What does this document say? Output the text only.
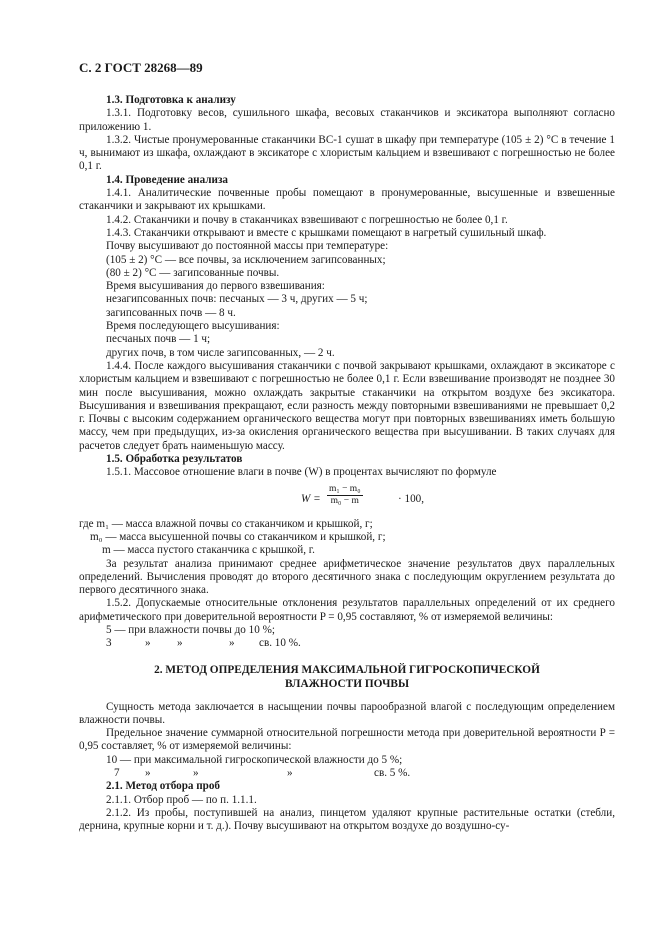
С. 2 ГОСТ 28268—89

1.3. Подготовка к анализу

1.3.1. Подготовку весов, сушильного шкафа, весовых стаканчиков и эксикатора выполняют согласно приложению 1.

1.3.2. Чистые пронумерованные стаканчики ВС-1 сушат в шкафу при температуре (105 ± 2) °С в течение 1 ч, вынимают из шкафа, охлаждают в эксикаторе с хлористым кальцием и взвешивают с погрешностью не более 0,1 г.

1.4. Проведение анализа

1.4.1. Аналитические почвенные пробы помещают в пронумерованные, высушенные и взвешенные стаканчики и закрывают их крышками.

1.4.2. Стаканчики и почву в стаканчиках взвешивают с погрешностью не более 0,1 г.

1.4.3. Стаканчики открывают и вместе с крышками помещают в нагретый сушильный шкаф.

Почву высушивают до постоянной массы при температуре:

(105 ± 2) °С — все почвы, за исключением загипсованных;

(80 ± 2) °С — загипсованные почвы.

Время высушивания до первого взвешивания:

незагипсованных почв: песчаных — 3 ч, других — 5 ч;

загипсованных почв — 8 ч.

Время последующего высушивания:

песчаных почв — 1 ч;

других почв, в том числе загипсованных, — 2 ч.

1.4.4. После каждого высушивания стаканчики с почвой закрывают крышками, охлаждают в эксикаторе с хлористым кальцием и взвешивают с погрешностью не более 0,1 г. Если взвешивание производят не позднее 30 мин после высушивания, можно охлаждать закрытые стаканчики на открытом воздухе без эксикатора. Высушивания и взвешивания прекращают, если разность между повторными взвешиваниями не превышает 0,2 г. Почвы с высоким содержанием органического вещества могут при повторных взвешиваниях иметь большую массу, чем при предыдущих, из-за окисления органического вещества при высушивании. В таких случаях для расчетов следует брать наименьшую массу.

1.5. Обработка результатов

1.5.1. Массовое отношение влаги в почве (W) в процентах вычисляют по формуле

$W = \frac{\text{m₁ − m₀}}{\text{m₀ − m}}$	· 100,

где m₁ — масса влажной почвы со стаканчиком и крышкой, г;

m₀ — масса высушенной почвы со стаканчиком и крышкой, г;

m — масса пустого стаканчика с крышкой, г.

За результат анализа принимают среднее арифметическое значение результатов двух параллельных определений. Вычисления проводят до второго десятичного знака с последующим округлением результата до первого десятичного знака.

1.5.2. Допускаемые относительные отклонения результатов параллельных определений от их среднего арифметического при доверительной вероятности P = 0,95 составляют, % от измеряемой величины:

5 — при влажности почвы до 10 %;

3	» »	» св. 10 %.
2. МЕТОД ОПРЕДЕЛЕНИЯ МАКСИМАЛЬНОЙ ГИГРОСКОПИЧЕСКОЙ
ВЛАЖНОСТИ ПОЧВЫ

Сущность метода заключается в насыщении почвы парообразной влагой с последующим определением влажности почвы.

Предельное значение суммарной относительной погрешности метода при доверительной вероятности P = 0,95 составляет, % от измеряемой величины:

10 — при максимальной гигроскопической влажности до 5 %;

7 »	»	»	св. 5 %.

2.1. Метод отбора проб

2.1.1. Отбор проб — по п. 1.1.1.

2.1.2. Из пробы, поступившей на анализ, пинцетом удаляют крупные растительные остатки (стебли, дернина, крупные корни и т. д.). Почву высушивают на открытом воздухе до воздушно-су-
